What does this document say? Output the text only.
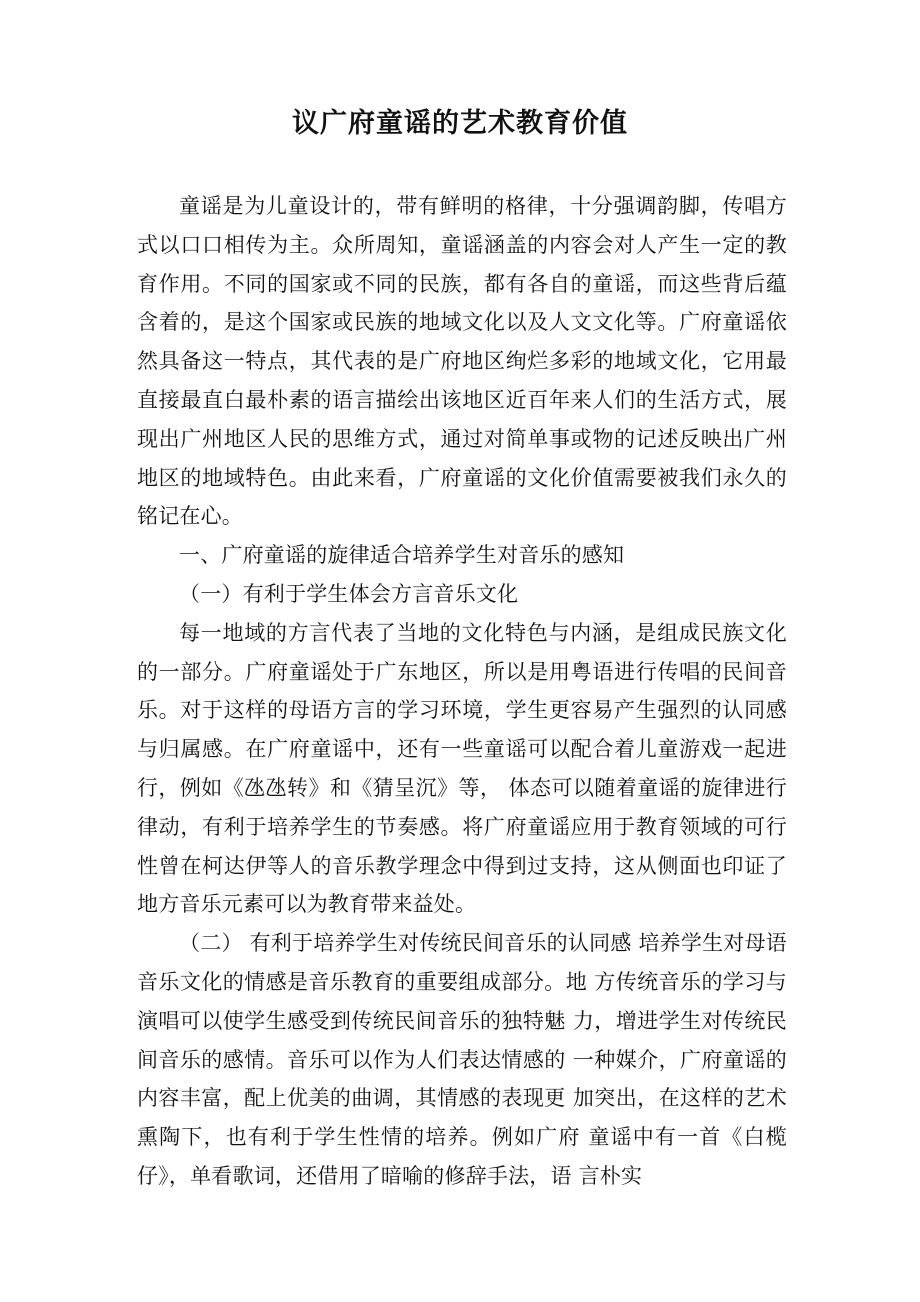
议广府童谣的艺术教育价值

童谣是为儿童设计的，带有鲜明的格律，十分强调韵脚，传唱方式以口口相传为主。众所周知，童谣涵盖的内容会对人产生一定的教育作用。不同的国家或不同的民族，都有各自的童谣，而这些背后蕴含着的，是这个国家或民族的地域文化以及人文文化等。广府童谣依然具备这一特点，其代表的是广府地区绚烂多彩的地域文化，它用最直接最直白最朴素的语言描绘出该地区近百年来人们的生活方式，展现出广州地区人民的思维方式，通过对简单事或物的记述反映出广州地区的地域特色。由此来看，广府童谣的文化价值需要被我们永久的铭记在心。

一、广府童谣的旋律适合培养学生对音乐的感知

（一）有利于学生体会方言音乐文化

每一地域的方言代表了当地的文化特色与内涵，是组成民族文化的一部分。广府童谣处于广东地区，所以是用粤语进行传唱的民间音乐。对于这样的母语方言的学习环境，学生更容易产生强烈的认同感与归属感。在广府童谣中，还有一些童谣可以配合着儿童游戏一起进行，例如《氹氹转》和《猜呈沉》等， 体态可以随着童谣的旋律进行 律动，有利于培养学生的节奏感。将广府童谣应用于教育领域的可行 性曾在柯达伊等人的音乐教学理念中得到过支持，这从侧面也印证了 地方音乐元素可以为教育带来益处。

（二） 有利于培养学生对传统民间音乐的认同感 培养学生对母语音乐文化的情感是音乐教育的重要组成部分。地 方传统音乐的学习与演唱可以使学生感受到传统民间音乐的独特魅 力，增进学生对传统民间音乐的感情。音乐可以作为人们表达情感的 一种媒介，广府童谣的内容丰富，配上优美的曲调，其情感的表现更 加突出，在这样的艺术熏陶下，也有利于学生性情的培养。例如广府 童谣中有一首《白榄仔》，单看歌词，还借用了暗喻的修辞手法，语 言朴实
